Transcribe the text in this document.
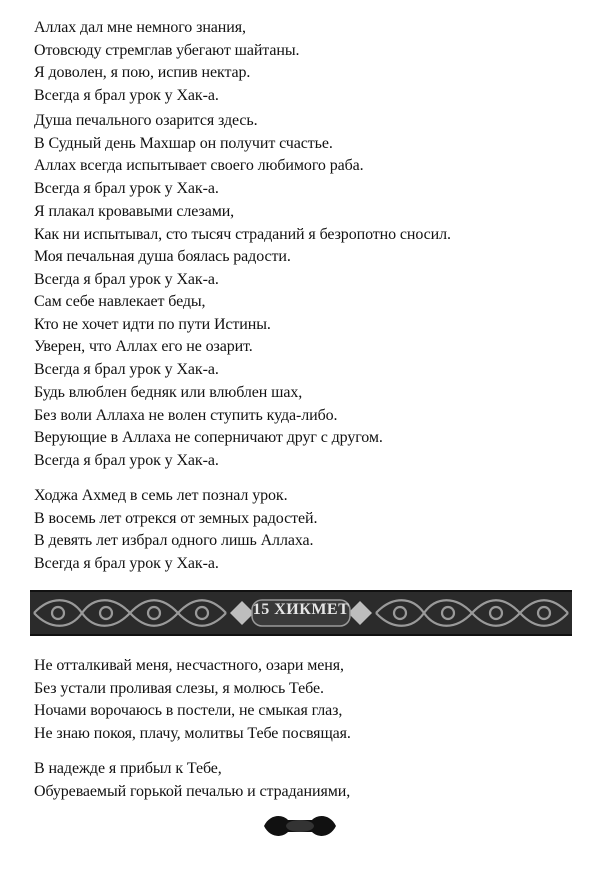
Аллах дал мне немного знания,
Отовсюду стремглав убегают шайтаны.
Я доволен, я пою, испив нектар.
Всегда я брал урок у Хак-а.
Душа печального озарится здесь.
В Судный день Махшар он получит счастье.
Аллах всегда испытывает своего любимого раба.
Всегда я брал урок у Хак-а.
Я плакал кровавыми слезами,
Как ни испытывал, сто тысяч страданий я безропотно сносил.
Моя печальная душа боялась радости.
Всегда я брал урок у Хак-а.
Сам себе навлекает беды,
Кто не хочет идти по пути Истины.
Уверен, что Аллах его не озарит.
Всегда я брал урок у Хак-а.
Будь влюблен бедняк или влюблен шах,
Без воли Аллаха не волен ступить куда-либо.
Верующие в Аллаха не соперничают друг с другом.
Всегда я брал урок у Хак-а.
Ходжа Ахмед в семь лет познал урок.
В восемь лет отрекся от земных радостей.
В девять лет избрал одного лишь Аллаха.
Всегда я брал урок у Хак-а.
15 ХИКМЕТ
Не отталкивай меня, несчастного, озари меня,
Без устали проливая слезы, я молюсь Тебе.
Ночами ворочаюсь в постели, не смыкая глаз,
Не знаю покоя, плачу, молитвы Тебе посвящая.
В надежде я прибыл к Тебе,
Обуреваемый горькой печалью и страданиями,
